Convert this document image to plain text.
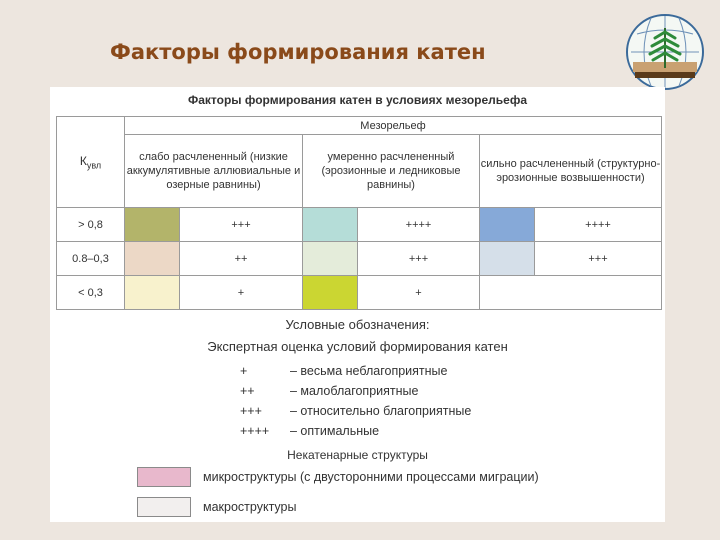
Факторы формирования катен
Факторы формирования катен в условиях мезорельефа
$К_{увл}$	Мезорельеф					
	слабо расчлененный (низкие аккумулятивные аллювиальные и озерные равнины)		умеренно расчлененный (эрозионные и ледниковые равнины)		сильно расчлененный (структурно-эрозионные возвышенности)	
> 0,8		+++		++++		++++
0.8–0,3		++		+++		+++
< 0,3		+		+		
Условные обозначения:
Экспертная оценка условий формирования катен
+	– весьма неблагоприятные
++	– малоблагоприятные
+++ – относительно благоприятные
++++ – оптимальные
Некатенарные структуры
микроструктуры (с двусторонними процессами миграции)
макроструктуры
